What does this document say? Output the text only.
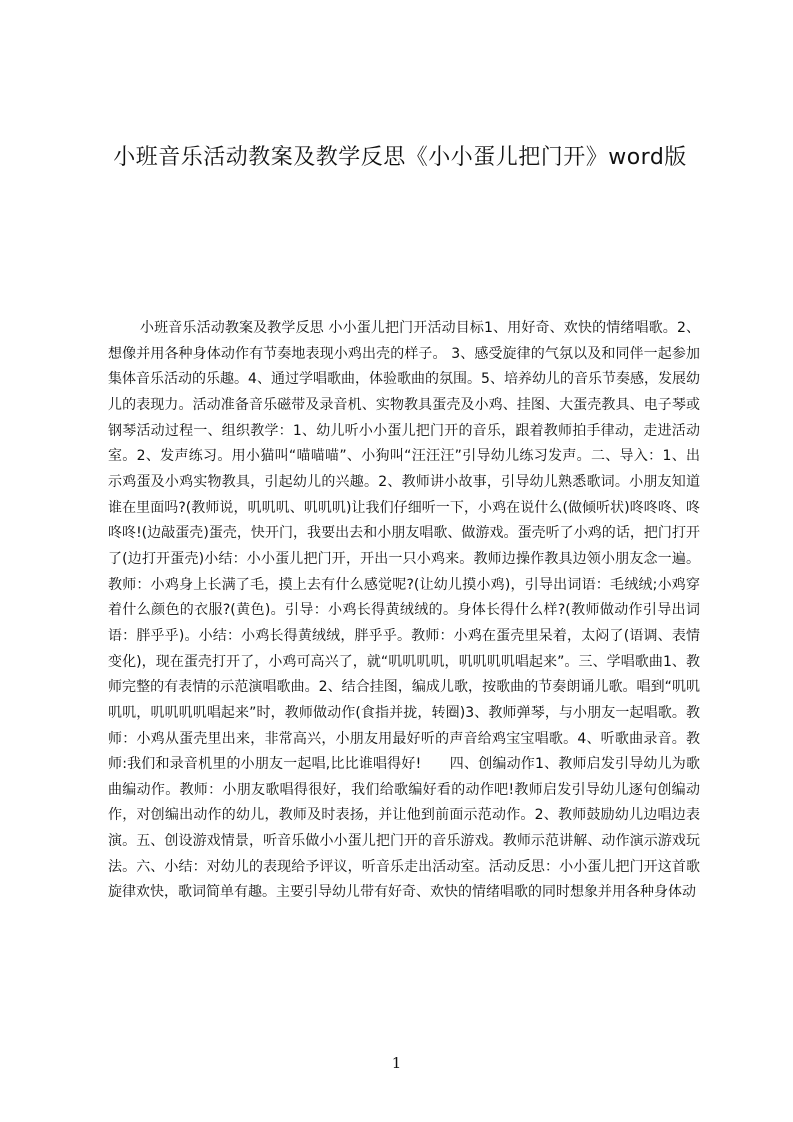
小班音乐活动教案及教学反思《小小蛋儿把门开》word版

小班音乐活动教案及教学反思 小小蛋儿把门开活动目标1、用好奇、欢快的情绪唱歌。2、想像并用各种身体动作有节奏地表现小鸡出壳的样子。 3、感受旋律的气氛以及和同伴一起参加集体音乐活动的乐趣。4、通过学唱歌曲，体验歌曲的氛围。5、培养幼儿的音乐节奏感，发展幼儿的表现力。活动准备音乐磁带及录音机、实物教具蛋壳及小鸡、挂图、大蛋壳教具、电子琴或钢琴活动过程一、组织教学：1、幼儿听小小蛋儿把门开的音乐，跟着教师拍手律动，走进活动室。2、发声练习。用小猫叫“喵喵喵”、小狗叫“汪汪汪”引导幼儿练习发声。二、导入：1、出示鸡蛋及小鸡实物教具，引起幼儿的兴趣。2、教师讲小故事，引导幼儿熟悉歌词。小朋友知道谁在里面吗?(教师说，叽叽叽、叽叽叽)让我们仔细听一下，小鸡在说什么(做倾听状)咚咚咚、咚咚咚!(边敲蛋壳)蛋壳，快开门，我要出去和小朋友唱歌、做游戏。蛋壳听了小鸡的话，把门打开了(边打开蛋壳)小结：小小蛋儿把门开，开出一只小鸡来。教师边操作教具边领小朋友念一遍。教师：小鸡身上长满了毛，摸上去有什么感觉呢?(让幼儿摸小鸡)，引导出词语：毛绒绒;小鸡穿着什么颜色的衣服?(黄色)。引导：小鸡长得黄绒绒的。身体长得什么样?(教师做动作引导出词语：胖乎乎)。小结：小鸡长得黄绒绒，胖乎乎。教师：小鸡在蛋壳里呆着，太闷了(语调、表情变化)，现在蛋壳打开了，小鸡可高兴了，就“叽叽叽叽，叽叽叽叽唱起来”。三、学唱歌曲1、教师完整的有表情的示范演唱歌曲。2、结合挂图，编成儿歌，按歌曲的节奏朗诵儿歌。唱到“叽叽叽叽，叽叽叽叽唱起来”时，教师做动作(食指并拢，转圈)3、教师弹琴，与小朋友一起唱歌。教师：小鸡从蛋壳里出来，非常高兴，小朋友用最好听的声音给鸡宝宝唱歌。4、听歌曲录音。教师:我们和录音机里的小朋友一起唱,比比谁唱得好!　　四、创编动作1、教师启发引导幼儿为歌曲编动作。教师：小朋友歌唱得很好，我们给歌编好看的动作吧!教师启发引导幼儿逐句创编动作，对创编出动作的幼儿，教师及时表扬，并让他到前面示范动作。2、教师鼓励幼儿边唱边表演。五、创设游戏情景，听音乐做小小蛋儿把门开的音乐游戏。教师示范讲解、动作演示游戏玩法。六、小结：对幼儿的表现给予评议，听音乐走出活动室。活动反思：小小蛋儿把门开这首歌旋律欢快，歌词简单有趣。主要引导幼儿带有好奇、欢快的情绪唱歌的同时想象并用各种身体动

1
